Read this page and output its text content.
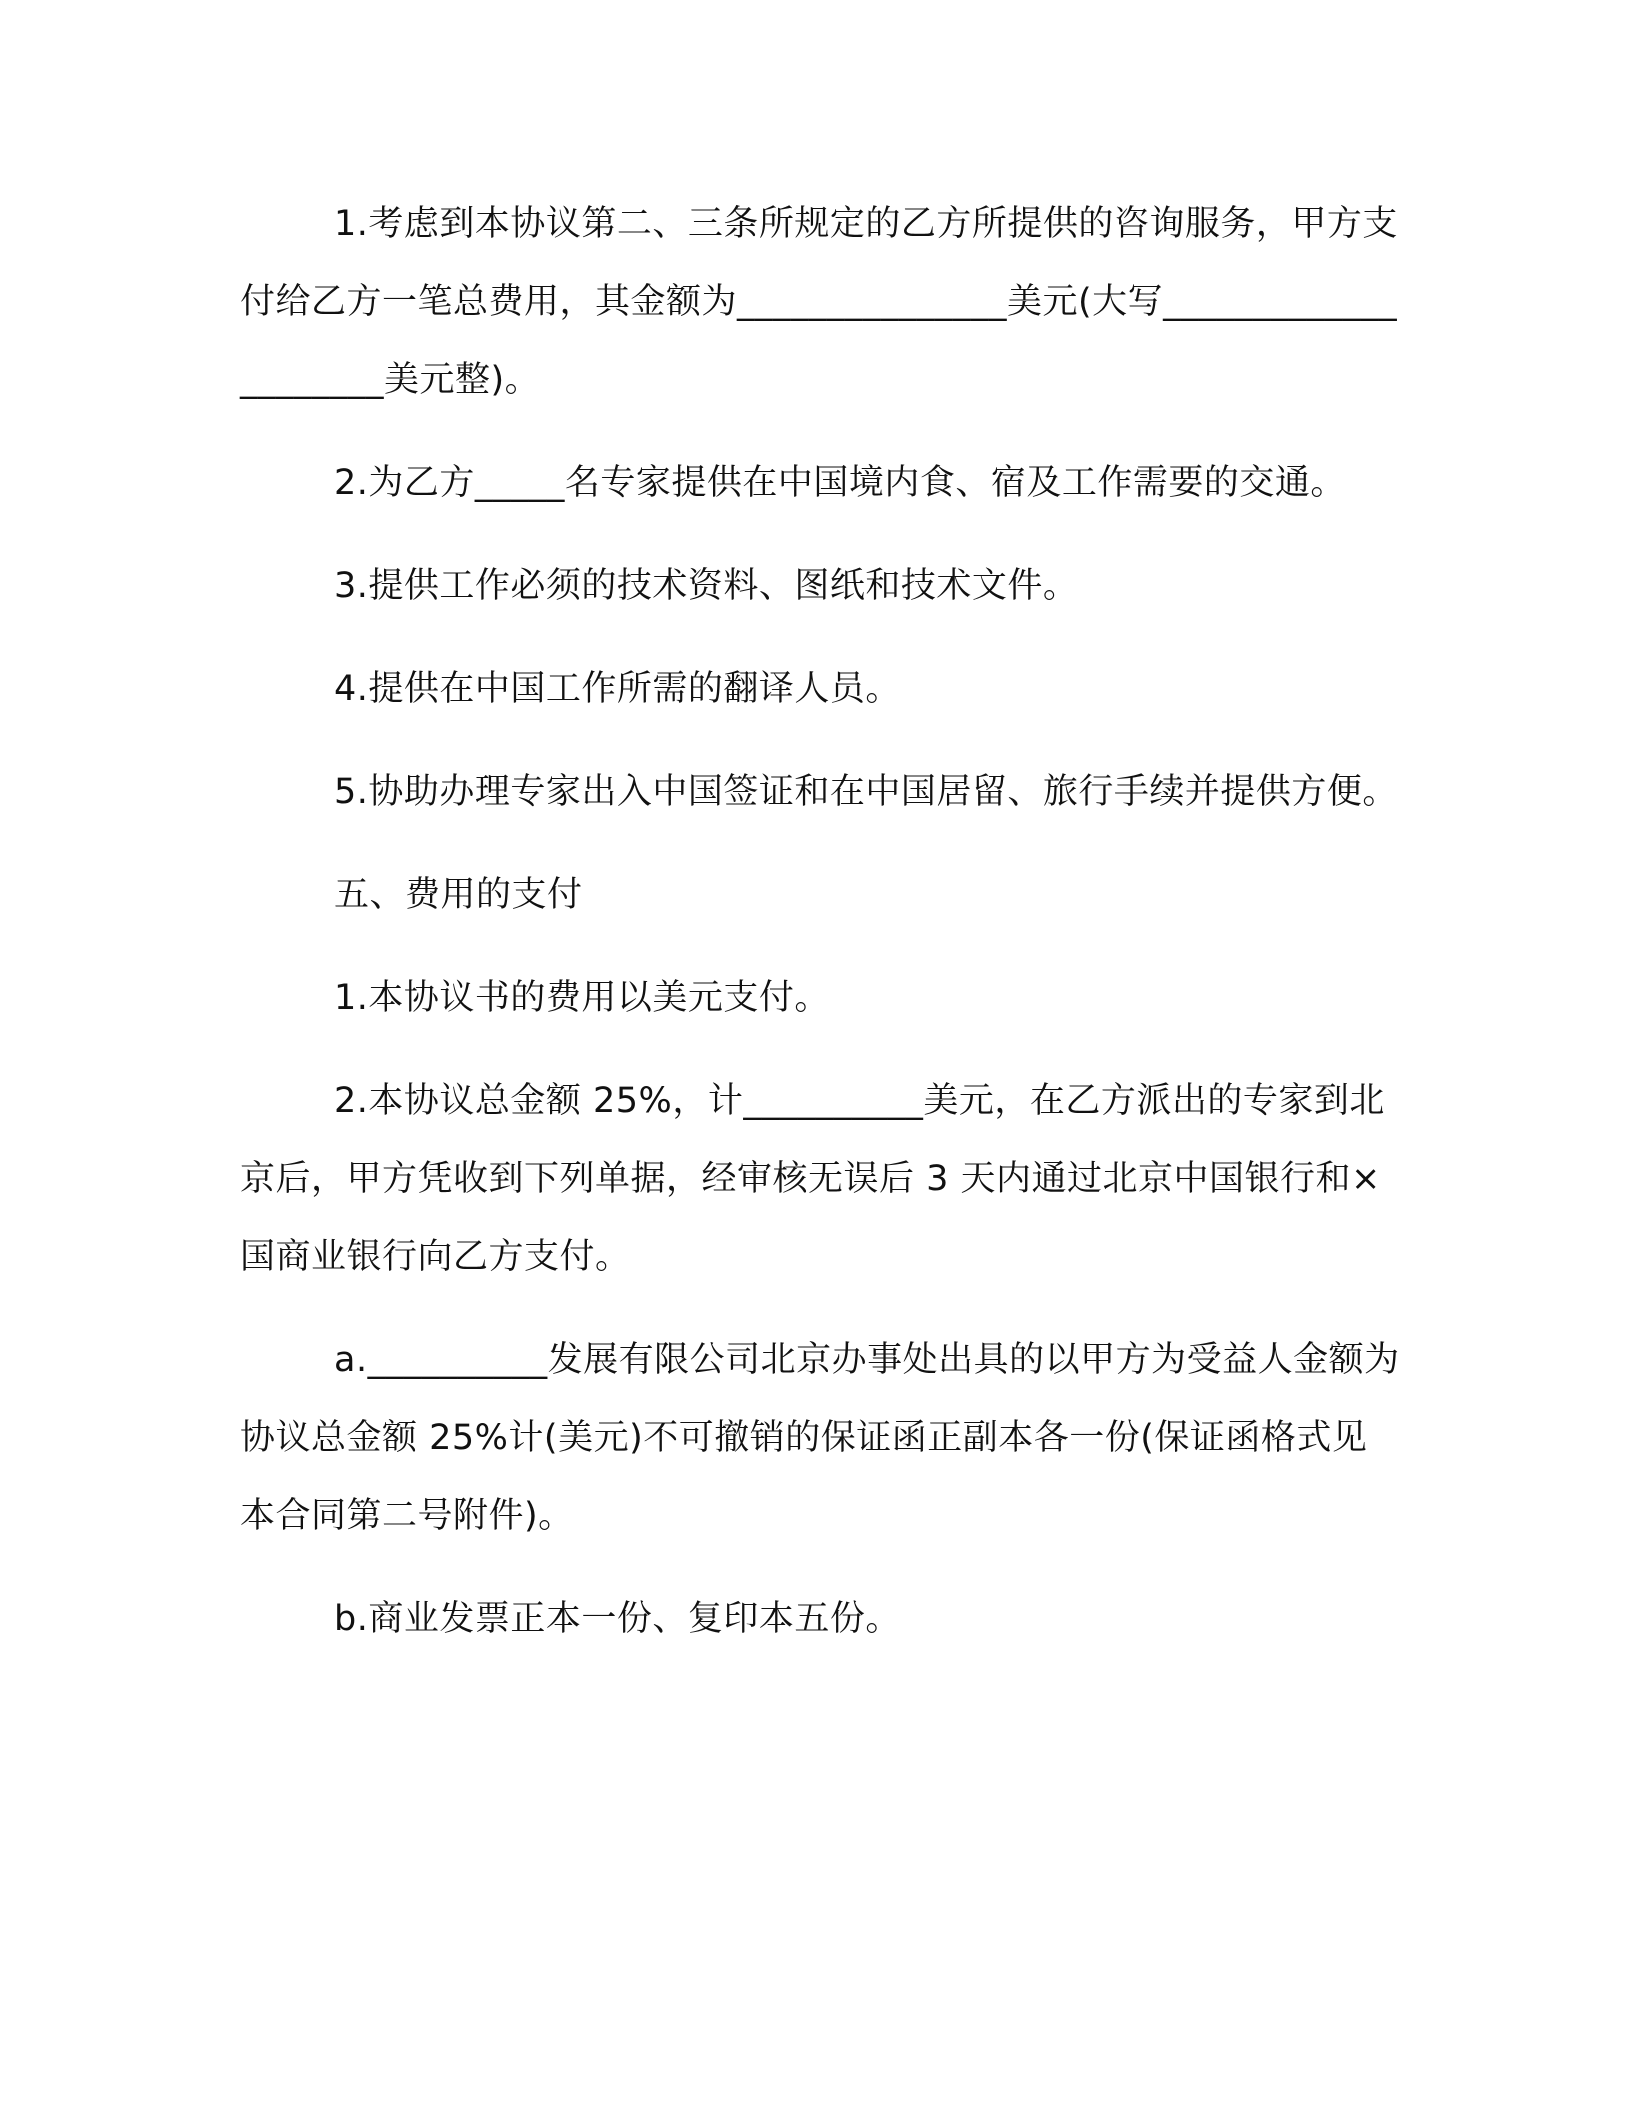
1.考虑到本协议第二、三条所规定的乙方所提供的咨询服务，甲方支付给乙方一笔总费用，其金额为_______________美元(大写_____________________美元整)。

2.为乙方_____名专家提供在中国境内食、宿及工作需要的交通。

3.提供工作必须的技术资料、图纸和技术文件。

4.提供在中国工作所需的翻译人员。

5.协助办理专家出入中国签证和在中国居留、旅行手续并提供方便。

五、费用的支付

1.本协议书的费用以美元支付。

2.本协议总金额 25%，计__________美元，在乙方派出的专家到北京后，甲方凭收到下列单据，经审核无误后 3 天内通过北京中国银行和×国商业银行向乙方支付。

a.__________发展有限公司北京办事处出具的以甲方为受益人金额为协议总金额 25%计(美元)不可撤销的保证函正副本各一份(保证函格式见本合同第二号附件)。

b.商业发票正本一份、复印本五份。
